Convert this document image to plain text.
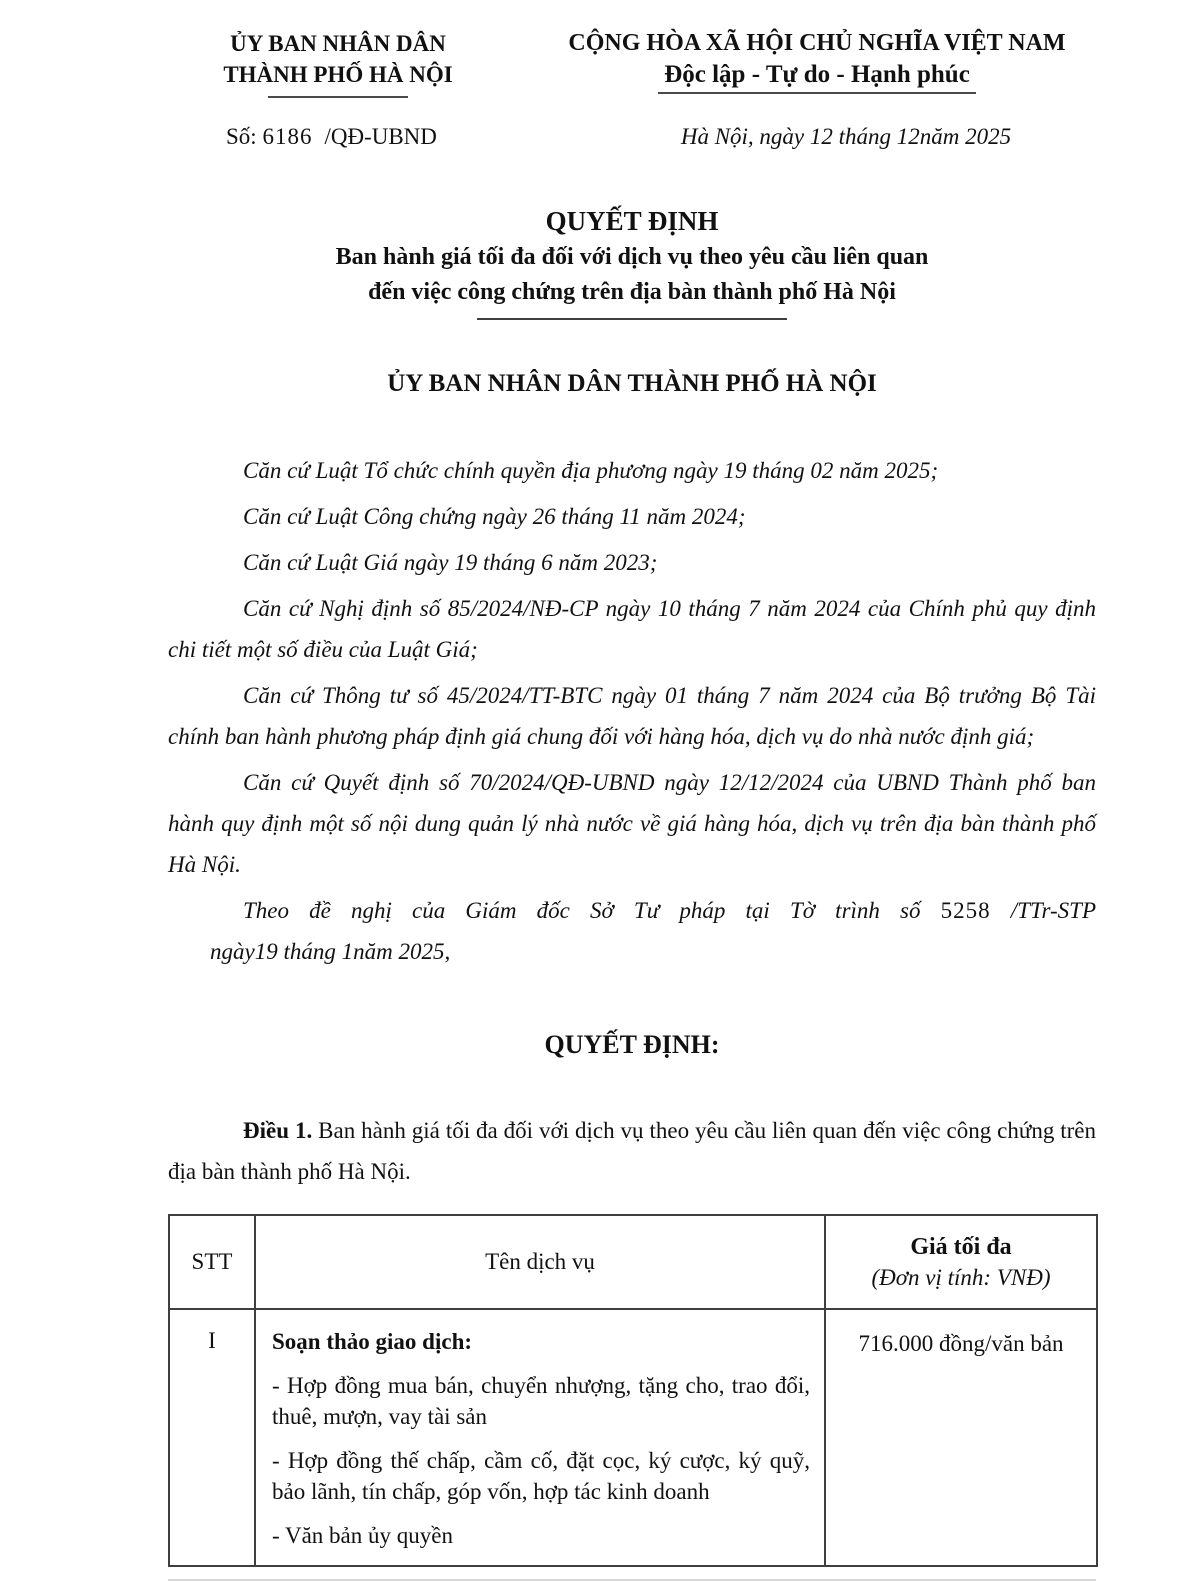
ỦY BAN NHÂN DÂN
THÀNH PHỐ HÀ NỘI
CỘNG HÒA XÃ HỘI CHỦ NGHĨA VIỆT NAM
Độc lập - Tự do - Hạnh phúc
Số: 6186 /QĐ-UBND	Hà Nội, ngày 12 tháng 12năm 2025
QUYẾT ĐỊNH
Ban hành giá tối đa đối với dịch vụ theo yêu cầu liên quan
đến việc công chứng trên địa bàn thành phố Hà Nội
ỦY BAN NHÂN DÂN THÀNH PHỐ HÀ NỘI

Căn cứ Luật Tổ chức chính quyền địa phương ngày 19 tháng 02 năm 2025;

Căn cứ Luật Công chứng ngày 26 tháng 11 năm 2024;

Căn cứ Luật Giá ngày 19 tháng 6 năm 2023;

Căn cứ Nghị định số 85/2024/NĐ-CP ngày 10 tháng 7 năm 2024 của Chính phủ quy định chi tiết một số điều của Luật Giá;

Căn cứ Thông tư số 45/2024/TT-BTC ngày 01 tháng 7 năm 2024 của Bộ trưởng Bộ Tài chính ban hành phương pháp định giá chung đối với hàng hóa, dịch vụ do nhà nước định giá;

Căn cứ Quyết định số 70/2024/QĐ-UBND ngày 12/12/2024 của UBND Thành phố ban hành quy định một số nội dung quản lý nhà nước về giá hàng hóa, dịch vụ trên địa bàn thành phố Hà Nội.

Theo đề nghị của Giám đốc Sở Tư pháp tại Tờ trình số 5258 /TTr-STP
ngày19 tháng 1năm 2025,
QUYẾT ĐỊNH:

Điều 1. Ban hành giá tối đa đối với dịch vụ theo yêu cầu liên quan đến việc công chứng trên địa bàn thành phố Hà Nội.

STT	Tên dịch vụ	Giá tối đa
(Đơn vị tính: VNĐ)

I	Soạn thảo giao dịch:
- Hợp đồng mua bán, chuyển nhượng, tặng cho, trao đổi, thuê, mượn, vay tài sản
- Hợp đồng thế chấp, cầm cố, đặt cọc, ký cược, ký quỹ, bảo lãnh, tín chấp, góp vốn, hợp tác kinh doanh
- Văn bản ủy quyền	716.000 đồng/văn bản
